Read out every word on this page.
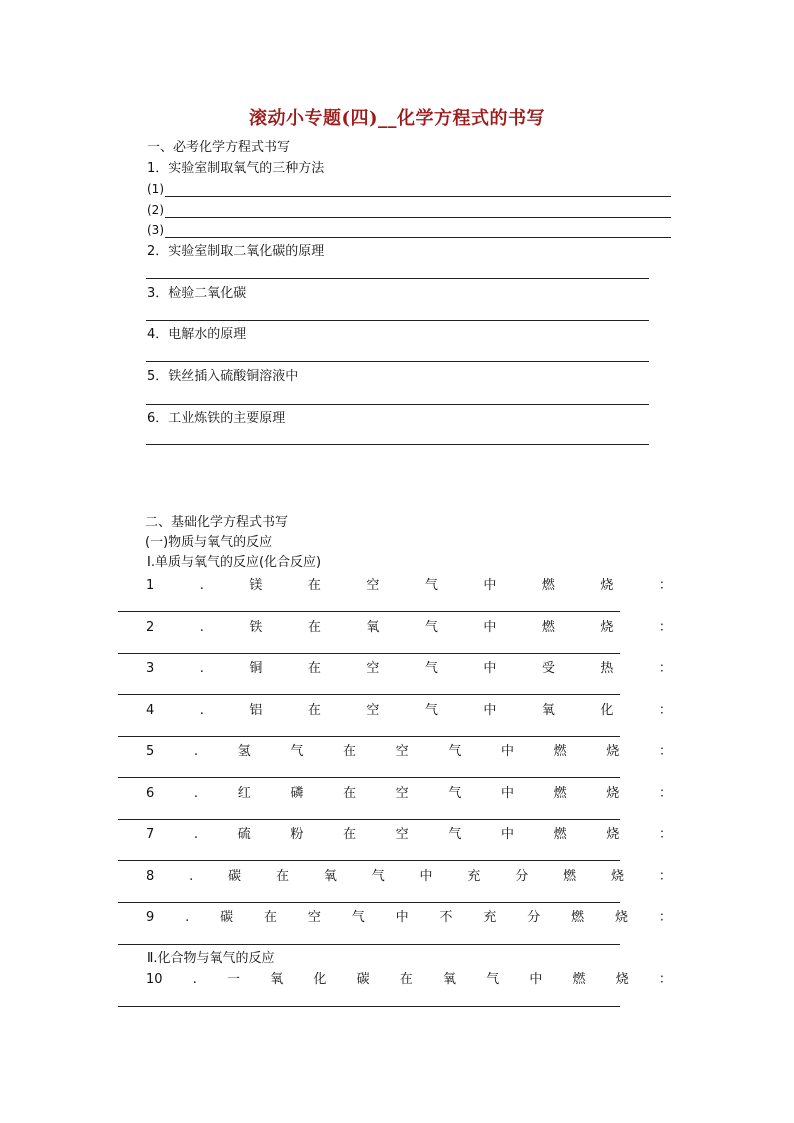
滚动小专题(四)__化学方程式的书写
一、必考化学方程式书写
1．实验室制取氧气的三种方法
(1)
(2)
(3)
2．实验室制取二氧化碳的原理
3．检验二氧化碳
4．电解水的原理
5．铁丝插入硫酸铜溶液中
6．工业炼铁的主要原理
二、基础化学方程式书写
(一)物质与氧气的反应
Ⅰ.单质与氧气的反应(化合反应)
1	.	镁	在	空	气	中	燃	烧	：
2	.	铁	在	氧	气	中	燃	烧	：
3	.	铜	在	空	气	中	受	热	：
4	.	铝	在	空	气	中	氧	化	：
5	.	氢	气	在	空	气	中	燃	烧	：
6	.	红	磷	在	空	气	中	燃	烧	：
7	.	硫	粉	在	空	气	中	燃	烧	：
8	.	碳	在	氧	气	中	充	分	燃	烧	：
9 . 碳 在 空 气 中 不 充 分 燃 烧 ：
Ⅱ.化合物与氧气的反应
10 . 一 氧 化 碳 在 氧 气 中 燃 烧 ：
